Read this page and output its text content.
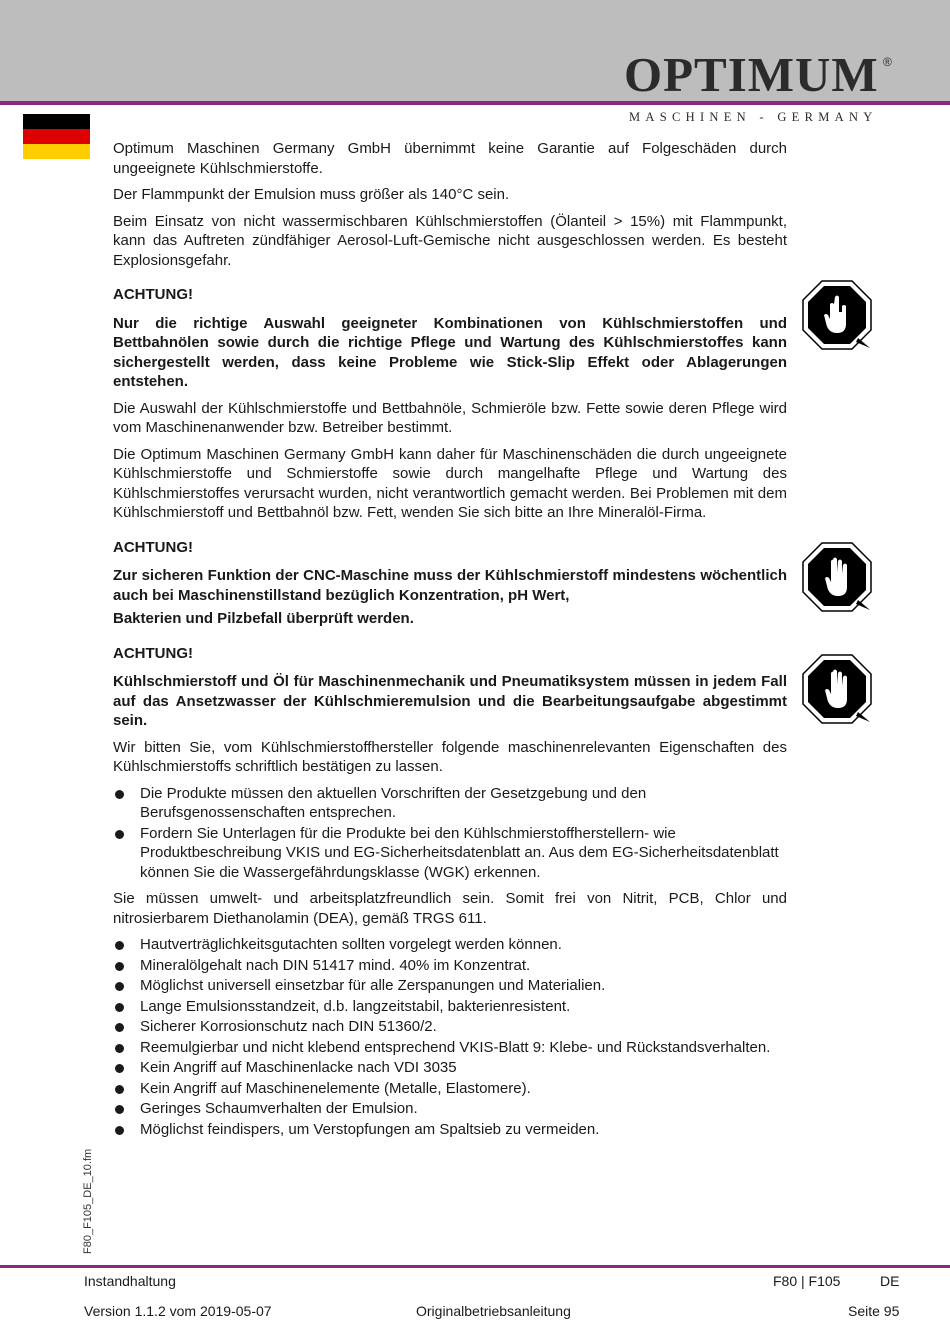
OPTIMUM ®
MASCHINEN - GERMANY

Optimum Maschinen Germany GmbH übernimmt keine Garantie auf Folgeschäden durch ungeeignete Kühlschmierstoffe.

Der Flammpunkt der Emulsion muss größer als 140°C sein.

Beim Einsatz von nicht wassermischbaren Kühlschmierstoffen (Ölanteil > 15%) mit Flammpunkt, kann das Auftreten zündfähiger Aerosol-Luft-Gemische nicht ausgeschlossen werden. Es besteht Explosionsgefahr.

ACHTUNG!

Nur die richtige Auswahl geeigneter Kombinationen von Kühlschmierstoffen und Bettbahnölen sowie durch die richtige Pflege und Wartung des Kühlschmierstoffes kann sichergestellt werden, dass keine Probleme wie Stick-Slip Effekt oder Ablagerungen entstehen.

Die Auswahl der Kühlschmierstoffe und Bettbahnöle, Schmieröle bzw. Fette sowie deren Pflege wird vom Maschinenanwender bzw. Betreiber bestimmt.

Die Optimum Maschinen Germany GmbH kann daher für Maschinenschäden die durch ungeeignete Kühlschmierstoffe und Schmierstoffe sowie durch mangelhafte Pflege und Wartung des Kühlschmierstoffes verursacht wurden, nicht verantwortlich gemacht werden. Bei Problemen mit dem Kühlschmierstoff und Bettbahnöl bzw. Fett, wenden Sie sich bitte an Ihre Mineralöl-Firma.

ACHTUNG!

Zur sicheren Funktion der CNC-Maschine muss der Kühlschmierstoff mindestens wöchentlich auch bei Maschinenstillstand bezüglich Konzentration, pH Wert,

Bakterien und Pilzbefall überprüft werden.

ACHTUNG!

Kühlschmierstoff und Öl für Maschinenmechanik und Pneumatiksystem müssen in jedem Fall auf das Ansetzwasser der Kühlschmieremulsion und die Bearbeitungsaufgabe abgestimmt sein.

Wir bitten Sie, vom Kühlschmierstoffhersteller folgende maschinenrelevanten Eigenschaften des Kühlschmierstoffs schriftlich bestätigen zu lassen.

Die Produkte müssen den aktuellen Vorschriften der Gesetzgebung und den Berufsgenossenschaften entsprechen.
Fordern Sie Unterlagen für die Produkte bei den Kühlschmierstoffherstellern- wie Produktbeschreibung VKIS und EG-Sicherheitsdatenblatt an. Aus dem EG-Sicherheitsdatenblatt können Sie die Wassergefährdungsklasse (WGK) erkennen.

Sie müssen umwelt- und arbeitsplatzfreundlich sein. Somit frei von Nitrit, PCB, Chlor und nitrosierbarem Diethanolamin (DEA), gemäß TRGS 611.

Hautverträglichkeitsgutachten sollten vorgelegt werden können.
Mineralölgehalt nach DIN 51417 mind. 40% im Konzentrat.
Möglichst universell einsetzbar für alle Zerspanungen und Materialien.
Lange Emulsionsstandzeit, d.b. langzeitstabil, bakterienresistent.
Sicherer Korrosionschutz nach DIN 51360/2.
Reemulgierbar und nicht klebend entsprechend VKIS-Blatt 9: Klebe- und Rückstandsverhalten.
Kein Angriff auf Maschinenlacke nach VDI 3035
Kein Angriff auf Maschinenelemente (Metalle, Elastomere).
Geringes Schaumverhalten der Emulsion.
Möglichst feindispers, um Verstopfungen am Spaltsieb zu vermeiden.
F80_F105_DE_10.fm
Instandhaltung	F80 | F105	DE
Version 1.1.2 vom 2019-05-07	Originalbetriebsanleitung	Seite 95
